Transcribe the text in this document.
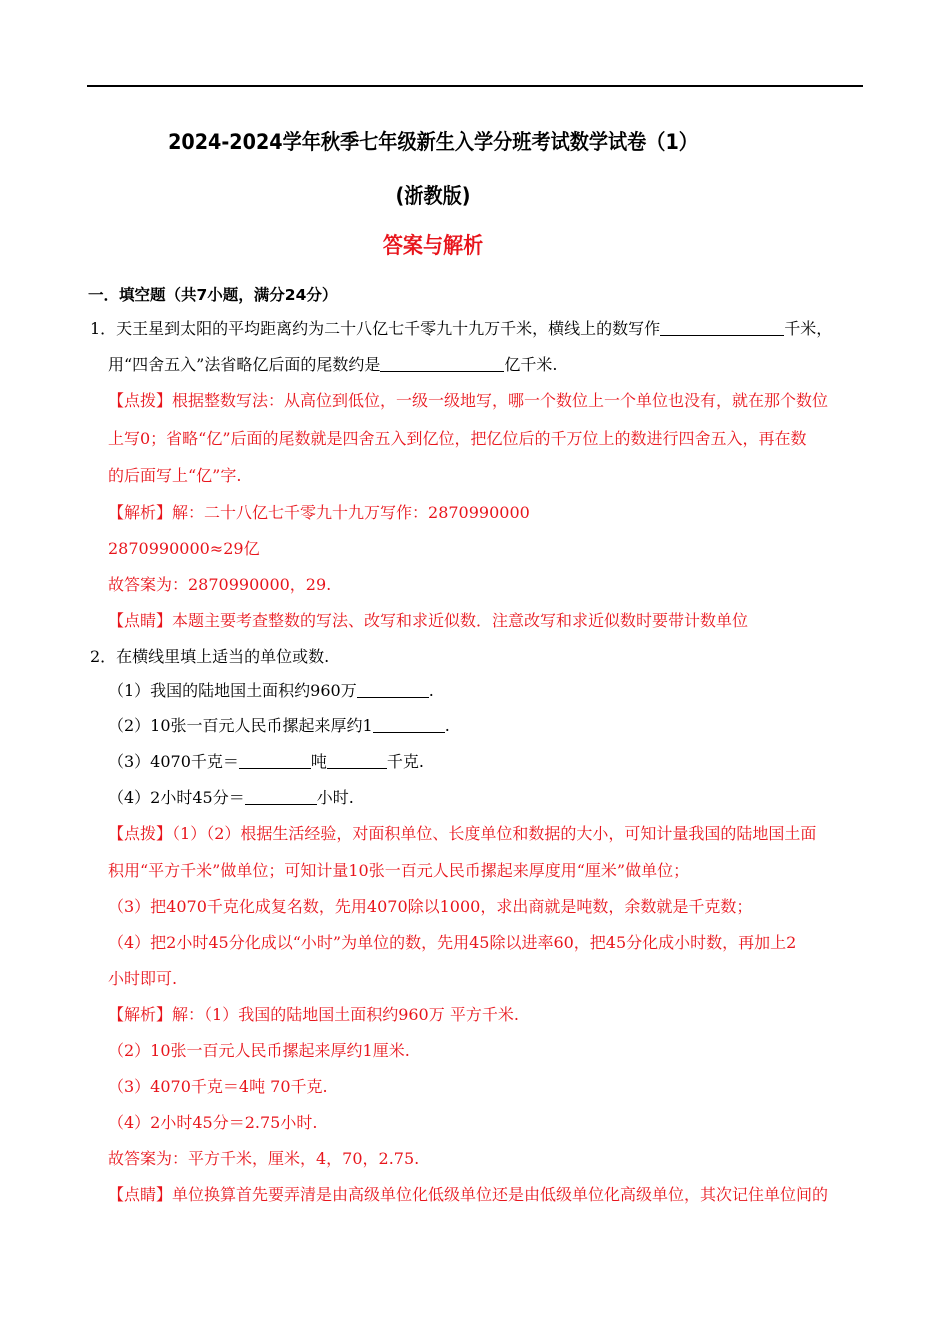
2024-2024学年秋季七年级新生入学分班考试数学试卷（1）
(浙教版)
答案与解析
一．填空题（共7小题，满分24分）
1．天王星到太阳的平均距离约为二十八亿七千零九十九万千米，横线上的数写作	千米，
用“四舍五入”法省略亿后面的尾数约是	亿千米.
【点拨】根据整数写法：从高位到低位，一级一级地写，哪一个数位上一个单位也没有，就在那个数位
上写0；省略“亿”后面的尾数就是四舍五入到亿位，把亿位后的千万位上的数进行四舍五入，再在数
的后面写上“亿”字.
【解析】解：二十八亿七千零九十九万写作：2870990000
2870990000≈29亿
故答案为：2870990000，29.
【点睛】本题主要考查整数的写法、改写和求近似数．注意改写和求近似数时要带计数单位
2．在横线里填上适当的单位或数.
（1）我国的陆地国土面积约960万	.
（2）10张一百元人民币摞起来厚约1	.
（3）4070千克＝	吨	千克.
（4）2小时45分＝	小时.
【点拨】（1）（2）根据生活经验，对面积单位、长度单位和数据的大小，可知计量我国的陆地国土面
积用“平方千米”做单位；可知计量10张一百元人民币摞起来厚度用“厘米”做单位；
（3）把4070千克化成复名数，先用4070除以1000，求出商就是吨数，余数就是千克数；
（4）把2小时45分化成以“小时”为单位的数，先用45除以进率60，把45分化成小时数，再加上2
小时即可.
【解析】解：（1）我国的陆地国土面积约960万 平方千米.
（2）10张一百元人民币摞起来厚约1厘米.
（3）4070千克＝4吨 70千克.
（4）2小时45分＝2.75小时.
故答案为：平方千米，厘米，4，70，2.75.
【点睛】单位换算首先要弄清是由高级单位化低级单位还是由低级单位化高级单位，其次记住单位间的
